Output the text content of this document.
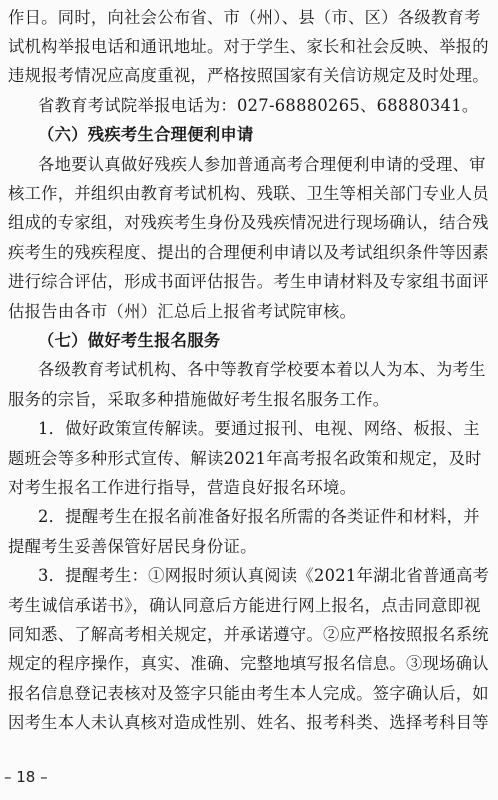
作日。同时，向社会公布省、市（州）、县（市、区）各级教育考
试机构举报电话和通讯地址。对于学生、家长和社会反映、举报的
违规报考情况应高度重视，严格按照国家有关信访规定及时处理。
省教育考试院举报电话为：027-68880265、68880341。
（六）残疾考生合理便利申请
各地要认真做好残疾人参加普通高考合理便利申请的受理、审
核工作，并组织由教育考试机构、残联、卫生等相关部门专业人员
组成的专家组，对残疾考生身份及残疾情况进行现场确认，结合残
疾考生的残疾程度、提出的合理便利申请以及考试组织条件等因素
进行综合评估，形成书面评估报告。考生申请材料及专家组书面评
估报告由各市（州）汇总后上报省考试院审核。
（七）做好考生报名服务
各级教育考试机构、各中等教育学校要本着以人为本、为考生
服务的宗旨，采取多种措施做好考生报名服务工作。
1．做好政策宣传解读。要通过报刊、电视、网络、板报、主
题班会等多种形式宣传、解读2021年高考报名政策和规定，及时
对考生报名工作进行指导，营造良好报名环境。
2．提醒考生在报名前准备好报名所需的各类证件和材料，并
提醒考生妥善保管好居民身份证。
3．提醒考生：①网报时须认真阅读《2021年湖北省普通高考
考生诚信承诺书》，确认同意后方能进行网上报名，点击同意即视
同知悉、了解高考相关规定，并承诺遵守。②应严格按照报名系统
规定的程序操作，真实、准确、完整地填写报名信息。③现场确认
报名信息登记表核对及签字只能由考生本人完成。签字确认后，如
因考生本人未认真核对造成性别、姓名、报考科类、选择考科目等
– 18 –
